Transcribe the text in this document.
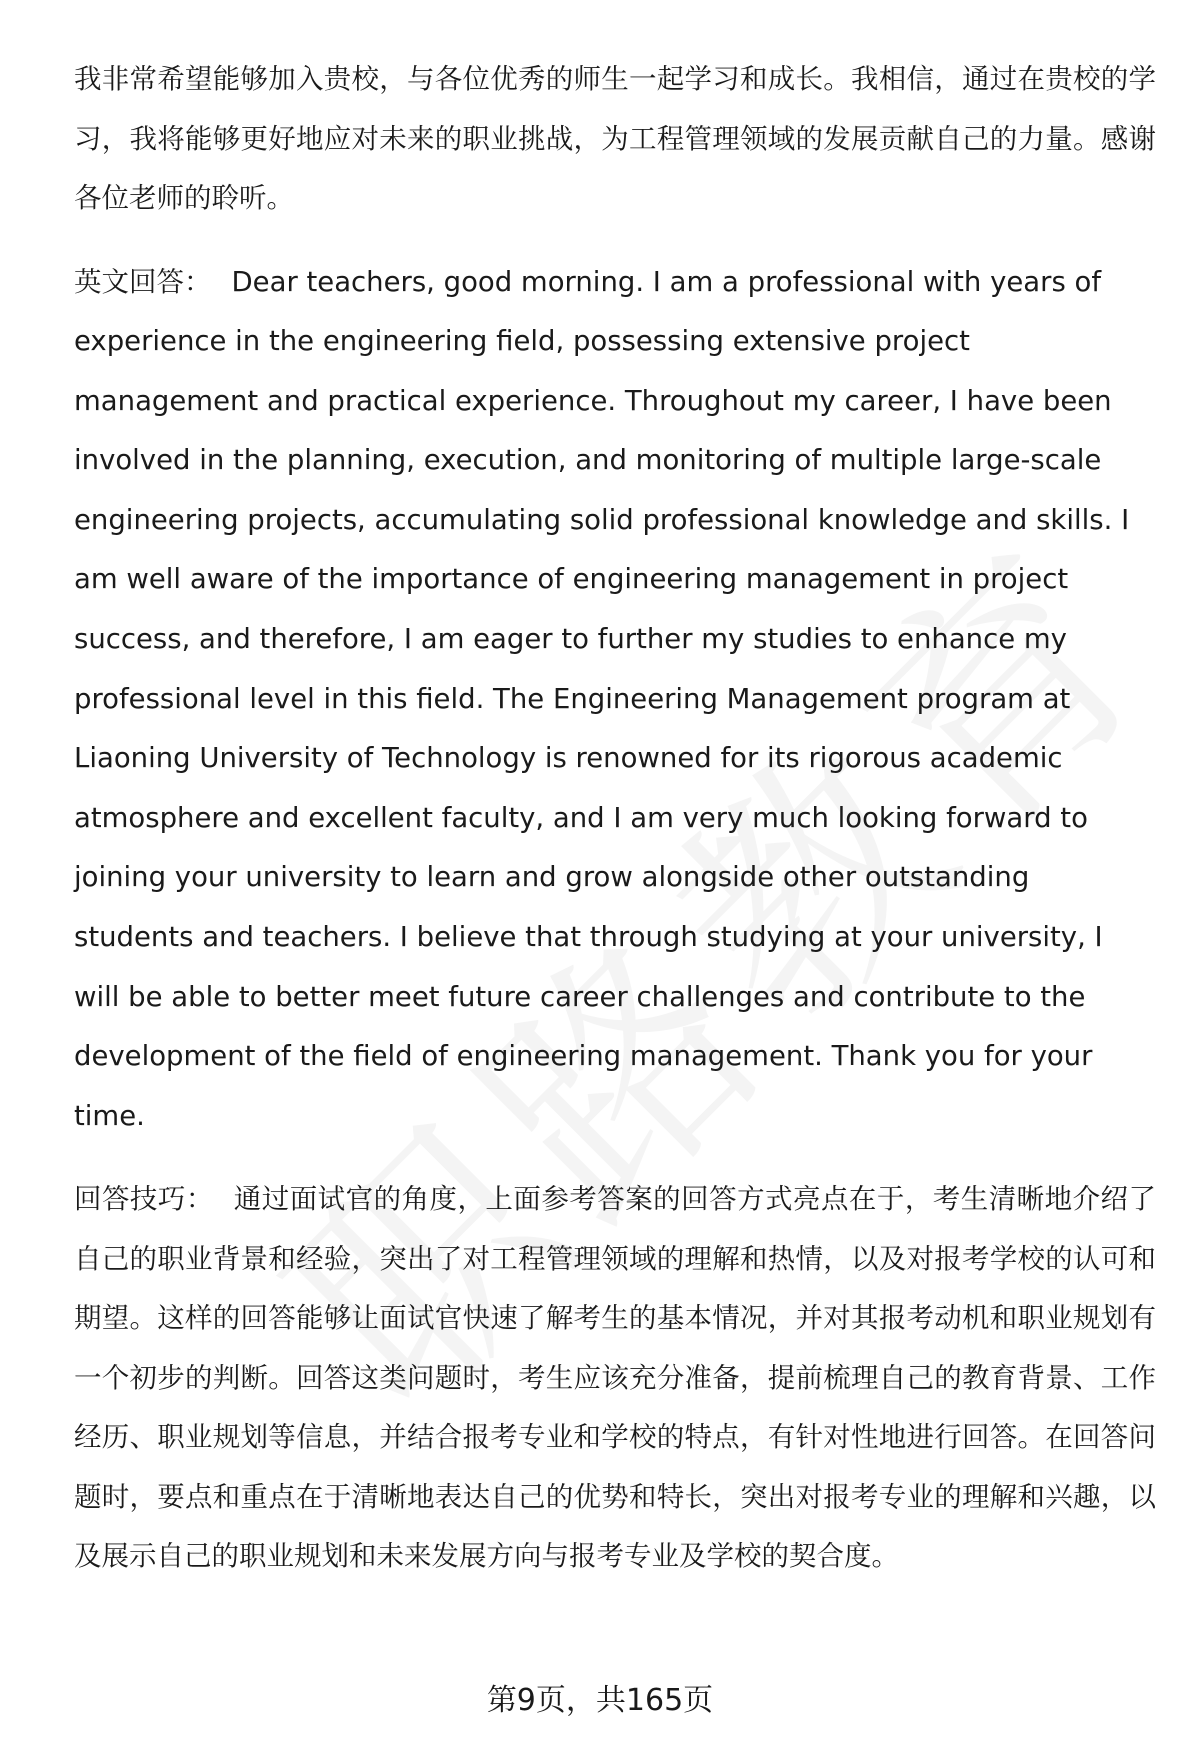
我非常希望能够加入贵校，与各位优秀的师生一起学习和成长。我相信，通过在贵校的学习，我将能够更好地应对未来的职业挑战，为工程管理领域的发展贡献自己的力量。感谢各位老师的聆听。

英文回答： Dear teachers, good morning. I am a professional with years of experience in the engineering field, possessing extensive project management and practical experience. Throughout my career, I have been involved in the planning, execution, and monitoring of multiple large-scale engineering projects, accumulating solid professional knowledge and skills. I am well aware of the importance of engineering management in project success, and therefore, I am eager to further my studies to enhance my professional level in this field. The Engineering Management program at Liaoning University of Technology is renowned for its rigorous academic atmosphere and excellent faculty, and I am very much looking forward to joining your university to learn and grow alongside other outstanding students and teachers. I believe that through studying at your university, I will be able to better meet future career challenges and contribute to the development of the field of engineering management. Thank you for your time.

回答技巧： 通过面试官的角度，上面参考答案的回答方式亮点在于，考生清晰地介绍了自己的职业背景和经验，突出了对工程管理领域的理解和热情，以及对报考学校的认可和期望。这样的回答能够让面试官快速了解考生的基本情况，并对其报考动机和职业规划有一个初步的判断。回答这类问题时，考生应该充分准备，提前梳理自己的教育背景、工作经历、职业规划等信息，并结合报考专业和学校的特点，有针对性地进行回答。在回答问题时，要点和重点在于清晰地表达自己的优势和特长，突出对报考专业的理解和兴趣，以及展示自己的职业规划和未来发展方向与报考专业及学校的契合度。

第9页，共165页
